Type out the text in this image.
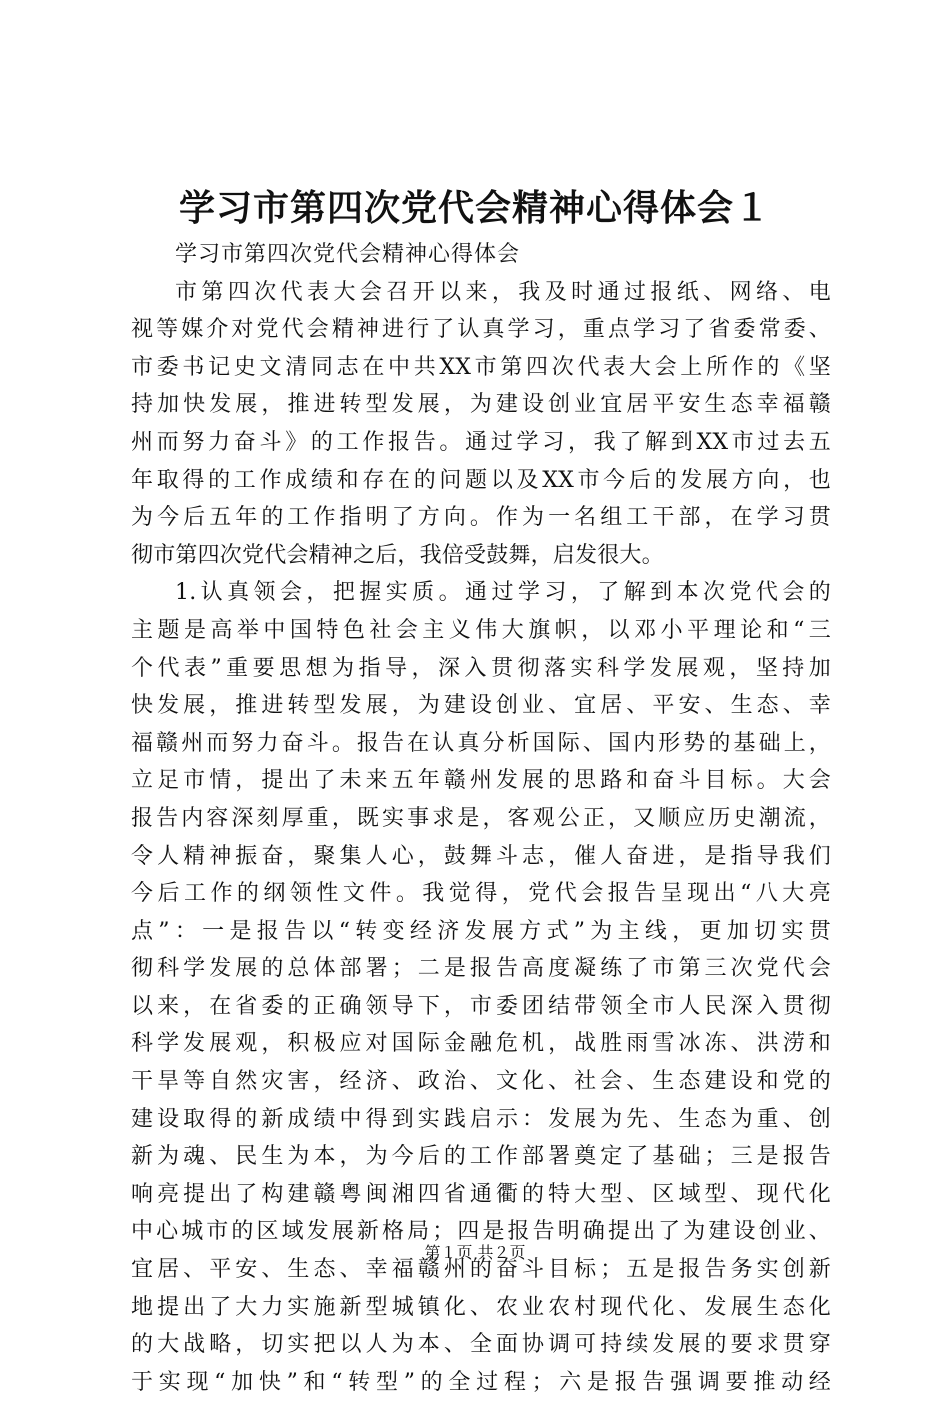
学习市第四次党代会精神心得体会１
学习市第四次党代会精神心得体会
市第四次代表大会召开以来，我及时通过报纸、网络、电
视等媒介对党代会精神进行了认真学习，重点学习了省委常委、
市委书记史文清同志在中共XX市第四次代表大会上所作的《坚
持加快发展，推进转型发展，为建设创业宜居平安生态幸福赣
州而努力奋斗》的工作报告。通过学习，我了解到XX市过去五
年取得的工作成绩和存在的问题以及XX市今后的发展方向，也
为今后五年的工作指明了方向。作为一名组工干部，在学习贯
彻市第四次党代会精神之后，我倍受鼓舞，启发很大。
1.认真领会，把握实质。通过学习，了解到本次党代会的
主题是高举中国特色社会主义伟大旗帜，以邓小平理论和“三
个代表”重要思想为指导，深入贯彻落实科学发展观，坚持加
快发展，推进转型发展，为建设创业、宜居、平安、生态、幸
福赣州而努力奋斗。报告在认真分析国际、国内形势的基础上，
立足市情，提出了未来五年赣州发展的思路和奋斗目标。大会
报告内容深刻厚重，既实事求是，客观公正，又顺应历史潮流，
令人精神振奋，聚集人心，鼓舞斗志，催人奋进，是指导我们
今后工作的纲领性文件。我觉得，党代会报告呈现出“八大亮
点”：一是报告以“转变经济发展方式”为主线，更加切实贯
彻科学发展的总体部署；二是报告高度凝练了市第三次党代会
以来，在省委的正确领导下，市委团结带领全市人民深入贯彻
科学发展观，积极应对国际金融危机，战胜雨雪冰冻、洪涝和
干旱等自然灾害，经济、政治、文化、社会、生态建设和党的
建设取得的新成绩中得到实践启示：发展为先、生态为重、创
新为魂、民生为本，为今后的工作部署奠定了基础；三是报告
响亮提出了构建赣粤闽湘四省通衢的特大型、区域型、现代化
中心城市的区域发展新格局；四是报告明确提出了为建设创业、
宜居、平安、生态、幸福赣州的奋斗目标；五是报告务实创新
地提出了大力实施新型城镇化、农业农村现代化、发展生态化
的大战略，切实把以人为本、全面协调可持续发展的要求贯穿
于实现“加快”和“转型”的全过程；六是报告强调要推动经
第１页 共２页
